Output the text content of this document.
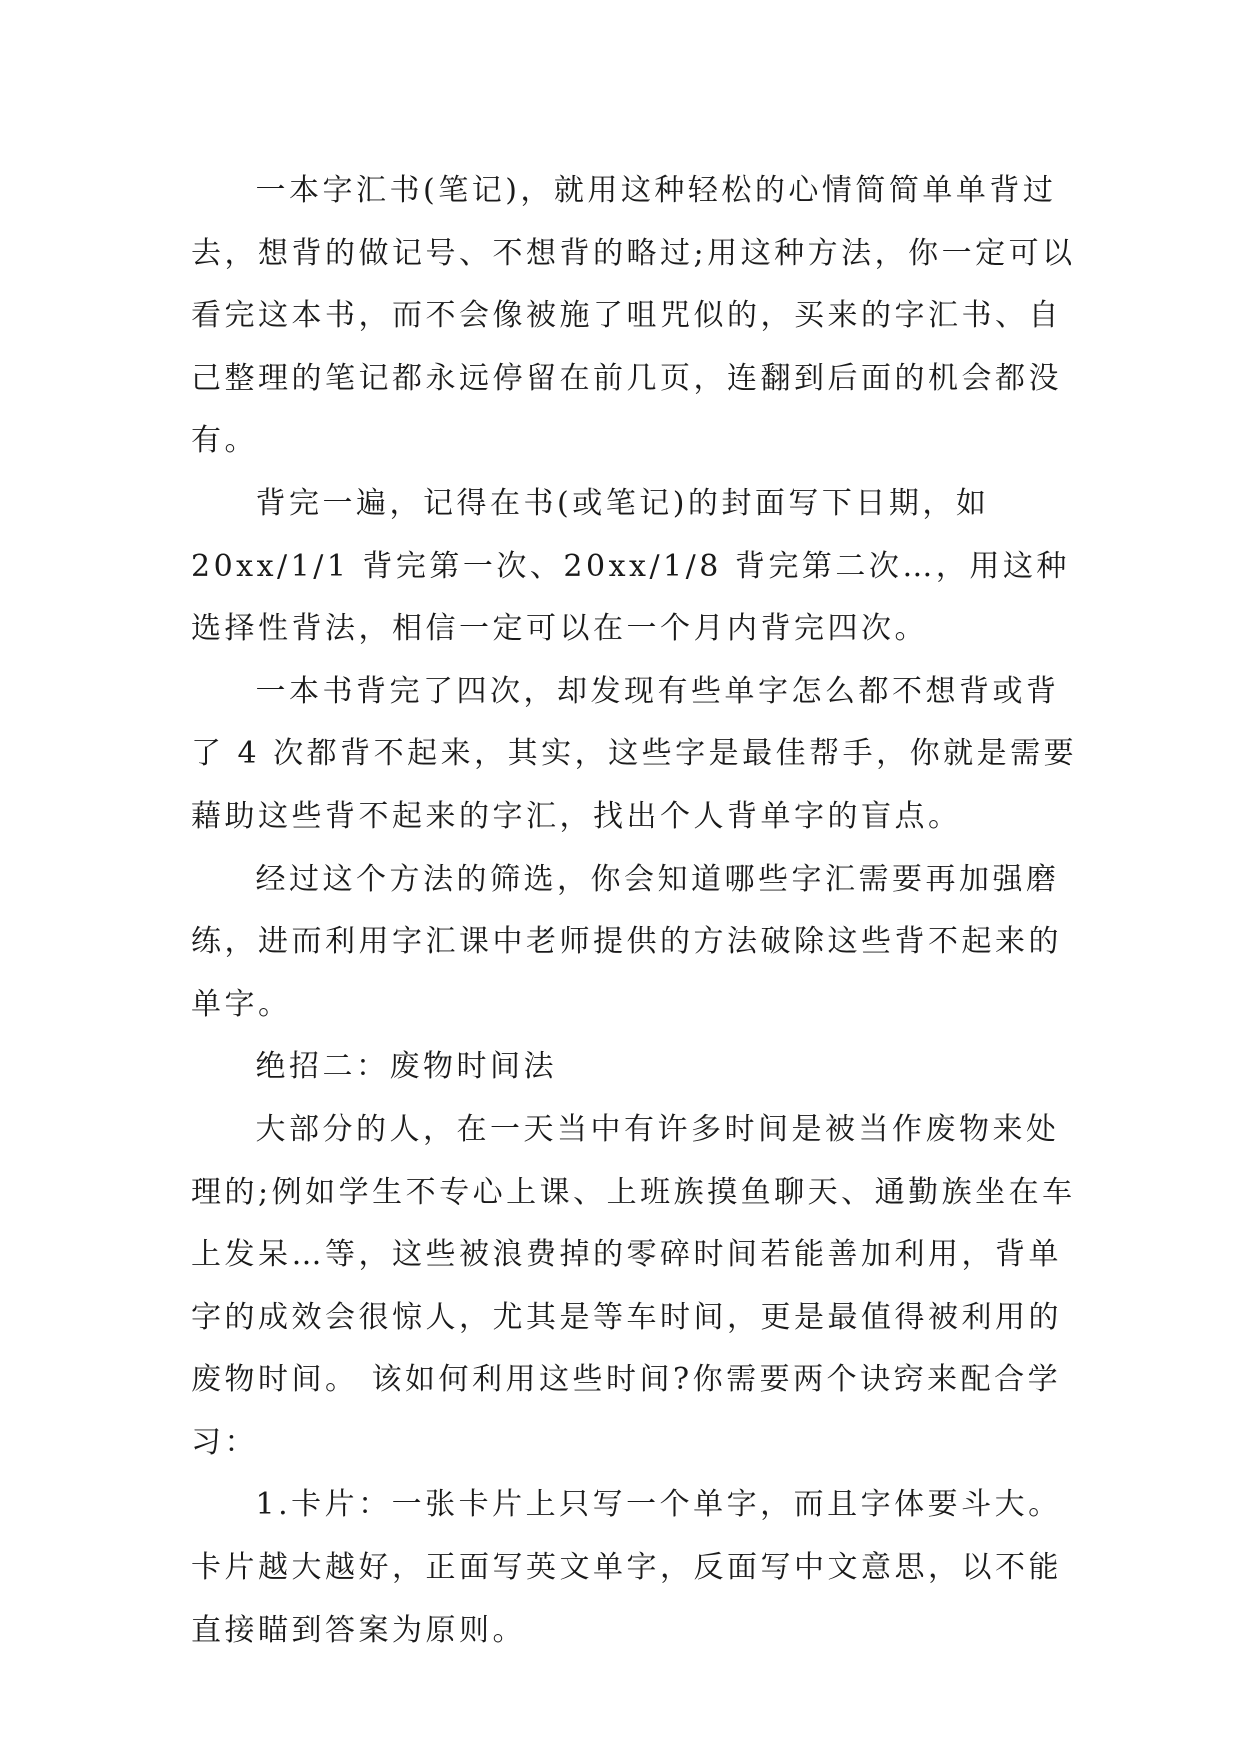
一本字汇书(笔记)，就用这种轻松的心情简简单单背过去，想背的做记号、不想背的略过;用这种方法，你一定可以看完这本书，而不会像被施了咀咒似的，买来的字汇书、自己整理的笔记都永远停留在前几页，连翻到后面的机会都没有。

背完一遍，记得在书(或笔记)的封面写下日期，如 20xx/1/1 背完第一次、20xx/1/8 背完第二次…，用这种选择性背法，相信一定可以在一个月内背完四次。

一本书背完了四次，却发现有些单字怎么都不想背或背了 4 次都背不起来，其实，这些字是最佳帮手，你就是需要藉助这些背不起来的字汇，找出个人背单字的盲点。

经过这个方法的筛选，你会知道哪些字汇需要再加强磨练，进而利用字汇课中老师提供的方法破除这些背不起来的单字。

绝招二：废物时间法

大部分的人，在一天当中有许多时间是被当作废物来处理的;例如学生不专心上课、上班族摸鱼聊天、通勤族坐在车上发呆…等，这些被浪费掉的零碎时间若能善加利用，背单字的成效会很惊人，尤其是等车时间，更是最值得被利用的废物时间。 该如何利用这些时间?你需要两个诀窍来配合学习：

1.卡片：一张卡片上只写一个单字，而且字体要斗大。卡片越大越好，正面写英文单字，反面写中文意思，以不能直接瞄到答案为原则。
